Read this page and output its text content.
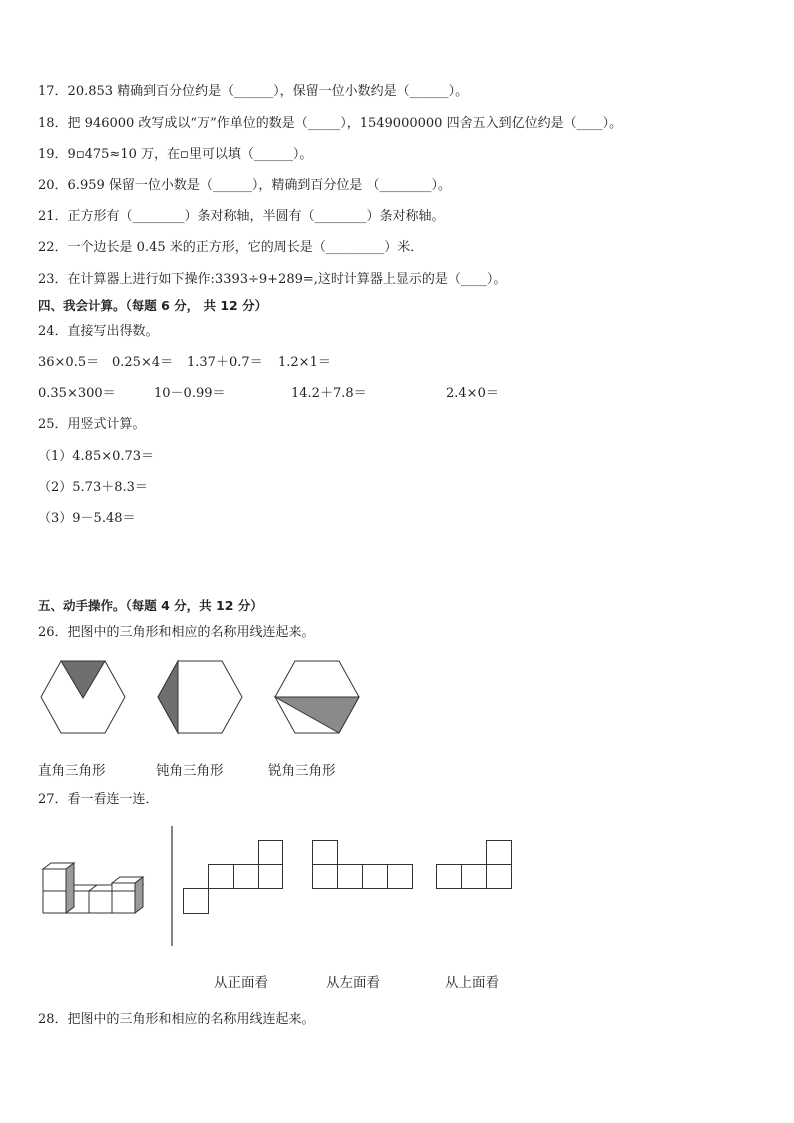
17．20.853 精确到百分位约是（______），保留一位小数约是（______）。
18．把 946000 改写成以“万”作单位的数是（_____），1549000000 四舍五入到亿位约是（____）。
19．9▫475≈10 万，在▫里可以填（______）。
20．6.959 保留一位小数是（______），精确到百分位是 （________）。
21．正方形有（________）条对称轴，半圆有（________）条对称轴。
22．一个边长是 0.45 米的正方形，它的周长是（_________）米．
23．在计算器上进行如下操作:3393÷9+289=,这时计算器上显示的是（____）。
四、我会计算。（每题 6 分， 共 12 分）
24．直接写出得数。
36×0.5＝ 0.25×4＝ 1.37＋0.7＝ 1.2×1＝
0.35×300＝	10－0.99＝	14.2＋7.8＝	2.4×0＝
25．用竖式计算。
（1）4.85×0.73＝
（2）5.73＋8.3＝
（3）9－5.48＝
五、动手操作。（每题 4 分，共 12 分）
26．把图中的三角形和相应的名称用线连起来。
直角三角形	钝角三角形	锐角三角形
27．看一看连一连．
从正面看	从左面看	从上面看
28．把图中的三角形和相应的名称用线连起来。
